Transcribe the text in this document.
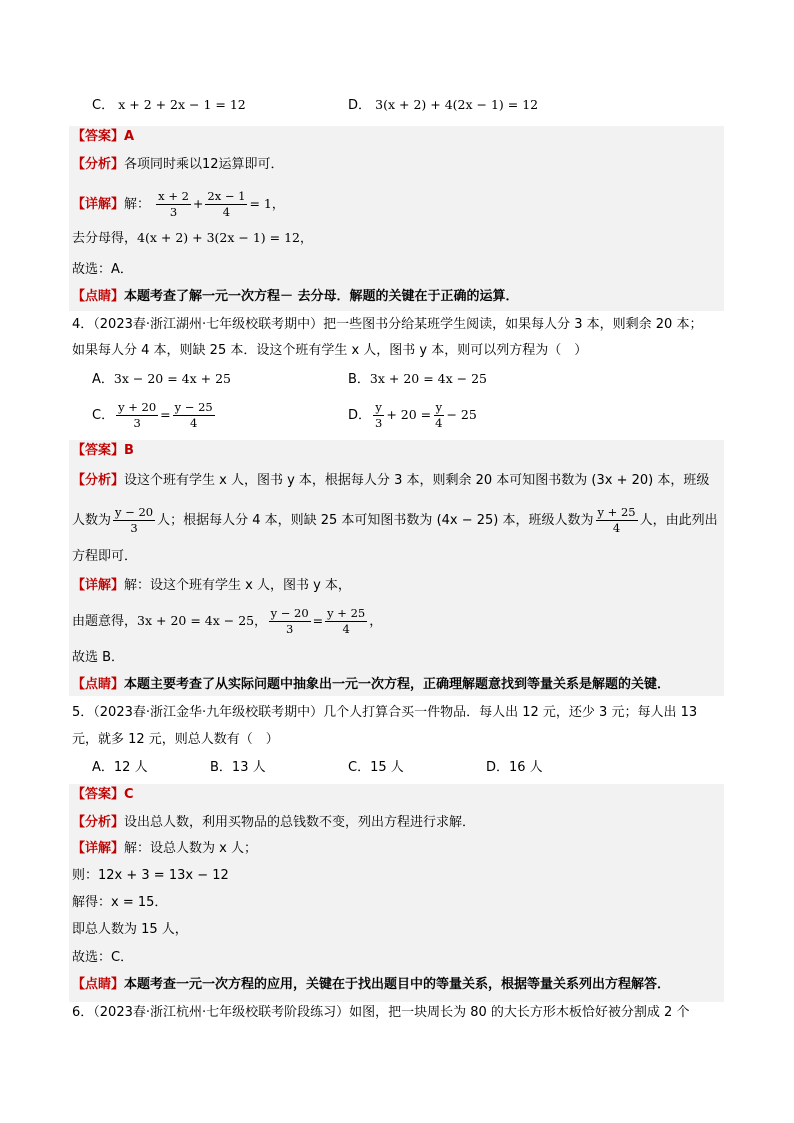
C． x + 2 + 2x − 1 = 12	D． 3(x + 2) + 4(2x − 1) = 12
【答案】A
【分析】各项同时乘以12运算即可．
【详解】解： $\frac{x + 2}{3} + \frac{2x - 1}{4} = 1$，
去分母得，4(x + 2) + 3(2x − 1) = 12，
故选：A．
【点睛】本题考查了解一元一次方程－ 去分母．解题的关键在于正确的运算．
4．（2023春·浙江湖州·七年级校联考期中）把一些图书分给某班学生阅读，如果每人分 3 本，则剩余 20 本；
如果每人分 4 本，则缺 25 本．设这个班有学生 x 人，图书 y 本，则可以列方程为（　）
A．3x − 20 = 4x + 25	B．3x + 20 = 4x − 25
C． $\frac{y + 20}{3} = \frac{y - 25}{4}$	D． $\frac{y}{3} + 20 = \frac{y}{4} - 25$
【答案】B
【分析】设这个班有学生 x 人，图书 y 本，根据每人分 3 本，则剩余 20 本可知图书数为 (3x + 20) 本，班级
人数为 $\frac{y - 20}{3}$ 人；根据每人分 4 本，则缺 25 本可知图书数为 (4x − 25) 本，班级人数为 $\frac{y + 25}{4}$ 人，由此列出
方程即可．
【详解】解：设这个班有学生 x 人，图书 y 本，
由题意得，3x + 20 = 4x − 25， $\frac{y - 20}{3} = \frac{y + 25}{4}$ ，
故选 B．
【点睛】本题主要考查了从实际问题中抽象出一元一次方程，正确理解题意找到等量关系是解题的关键．
5．（2023春·浙江金华·九年级校联考期中）几个人打算合买一件物品．每人出 12 元，还少 3 元；每人出 13
元，就多 12 元，则总人数有（　）
A．12 人	B．13 人	C．15 人	D．16 人
【答案】C
【分析】设出总人数，利用买物品的总钱数不变，列出方程进行求解．
【详解】解：设总人数为 x 人；
则：12x + 3 = 13x − 12
解得：x = 15．
即总人数为 15 人，
故选：C．
【点睛】本题考查一元一次方程的应用，关键在于找出题目中的等量关系，根据等量关系列出方程解答．
6．（2023春·浙江杭州·七年级校联考阶段练习）如图，把一块周长为 80 的大长方形木板恰好被分割成 2 个
